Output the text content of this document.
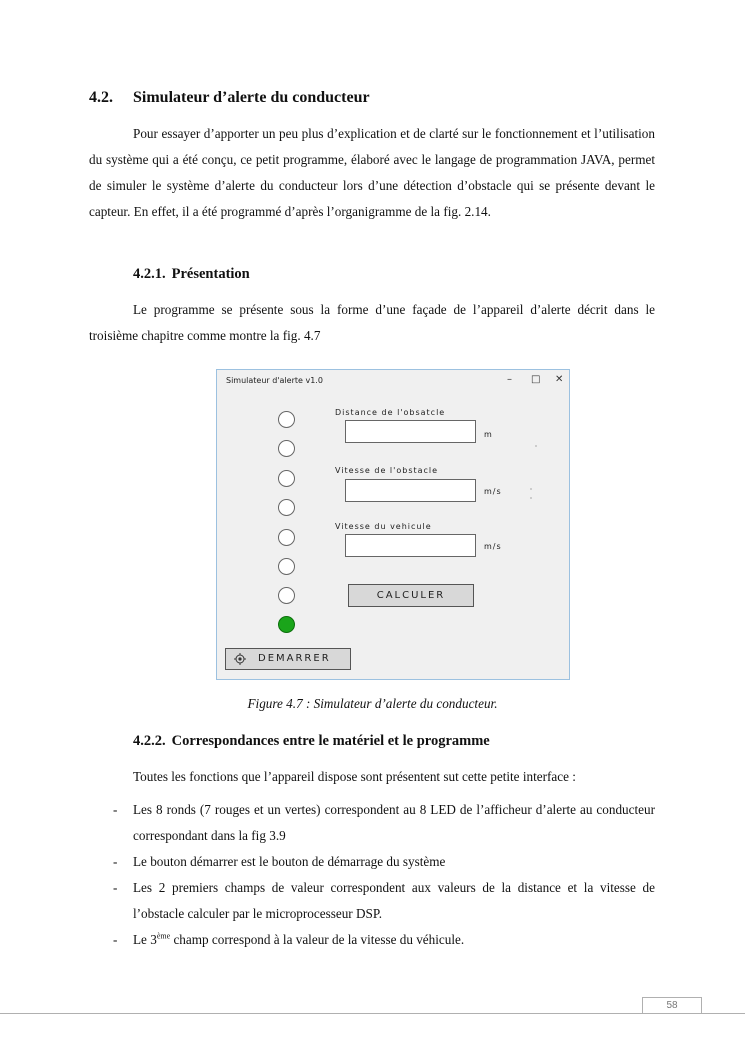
4.2. Simulateur d’alerte du conducteur
Pour essayer d’apporter un peu plus d’explication et de clarté sur le fonctionnement et l’utilisation du système qui a été conçu, ce petit programme, élaboré avec le langage de programmation JAVA, permet de simuler le système d’alerte du conducteur lors d’une détection d’obstacle qui se présente devant le capteur. En effet, il a été programmé d’après l’organigramme de la fig. 2.14.
4.2.1. Présentation
Le programme se présente sous la forme d’une façade de l’appareil d’alerte décrit dans le troisième chapitre comme montre la fig. 4.7
Simulateur d'alerte v1.0	– □ ✕
Distance de l'obsatcle
m
Vitesse de l'obstacle
m/s
Vitesse du vehicule
m/s
CALCULER
DEMARRER
Figure 4.7 : Simulateur d’alerte du conducteur.
4.2.2. Correspondances entre le matériel et le programme
Toutes les fonctions que l’appareil dispose sont présentent sut cette petite interface :
- Les 8 ronds (7 rouges et un vertes) correspondent au 8 LED de l’afficheur d’alerte au conducteur correspondant dans la fig 3.9
- Le bouton démarrer est le bouton de démarrage du système
- Les 2 premiers champs de valeur correspondent aux valeurs de la distance et la vitesse de l’obstacle calculer par le microprocesseur DSP.
- Le 3ème champ correspond à la valeur de la vitesse du véhicule.
58
